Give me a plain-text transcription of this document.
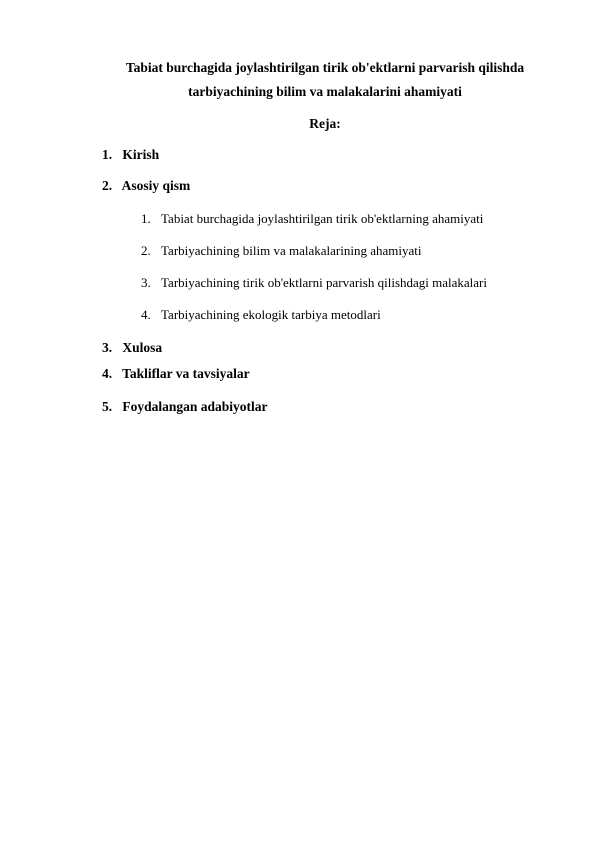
Tabiat burchagida joylashtirilgan tirik ob'ektlarni parvarish qilishda
tarbiyachining bilim va malakalarini ahamiyati
Reja:
1. Kirish
2. Asosiy qism
1. Tabiat burchagida joylashtirilgan tirik ob'ektlarning ahamiyati
2. Tarbiyachining bilim va malakalarining ahamiyati
3. Tarbiyachining tirik ob'ektlarni parvarish qilishdagi malakalari
4. Tarbiyachining ekologik tarbiya metodlari
3. Xulosa
4. Takliflar va tavsiyalar
5. Foydalangan adabiyotlar
